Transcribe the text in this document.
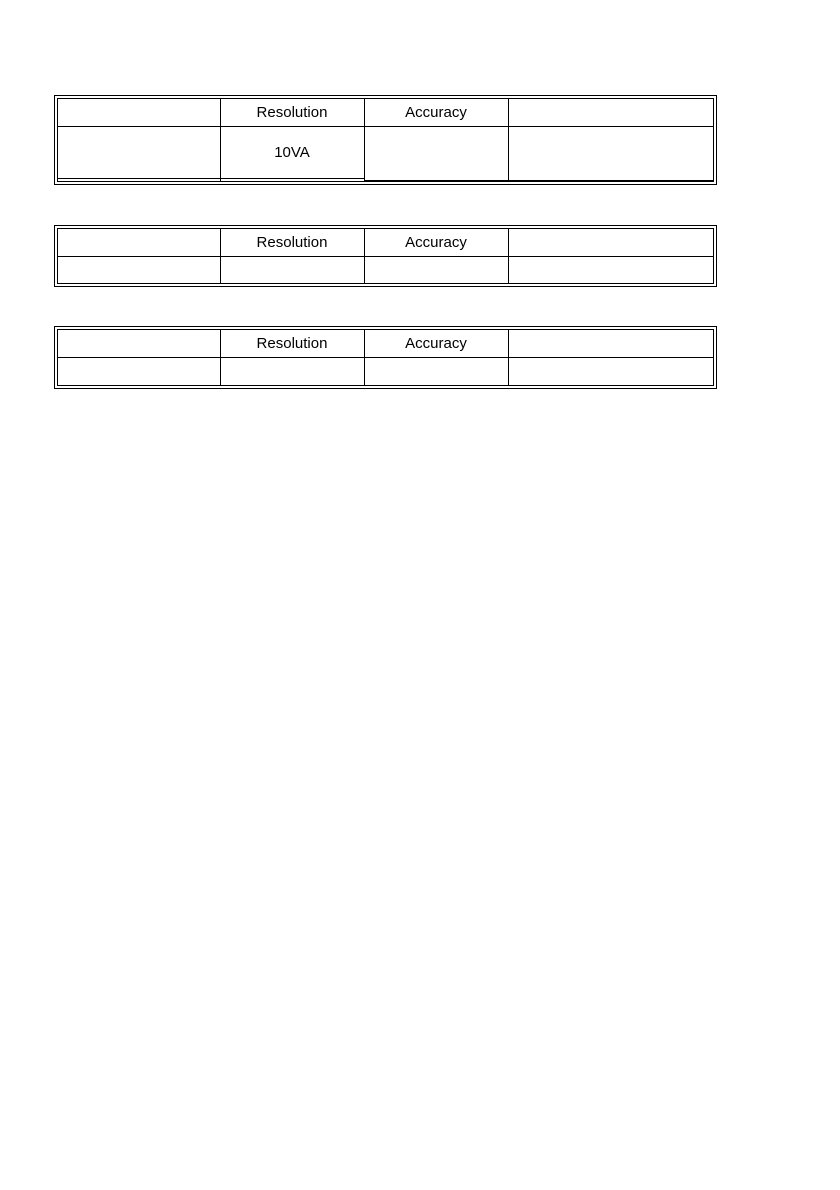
	Resolution	Accuracy	
	10VA		

	Resolution	Accuracy	

	Resolution	Accuracy	
